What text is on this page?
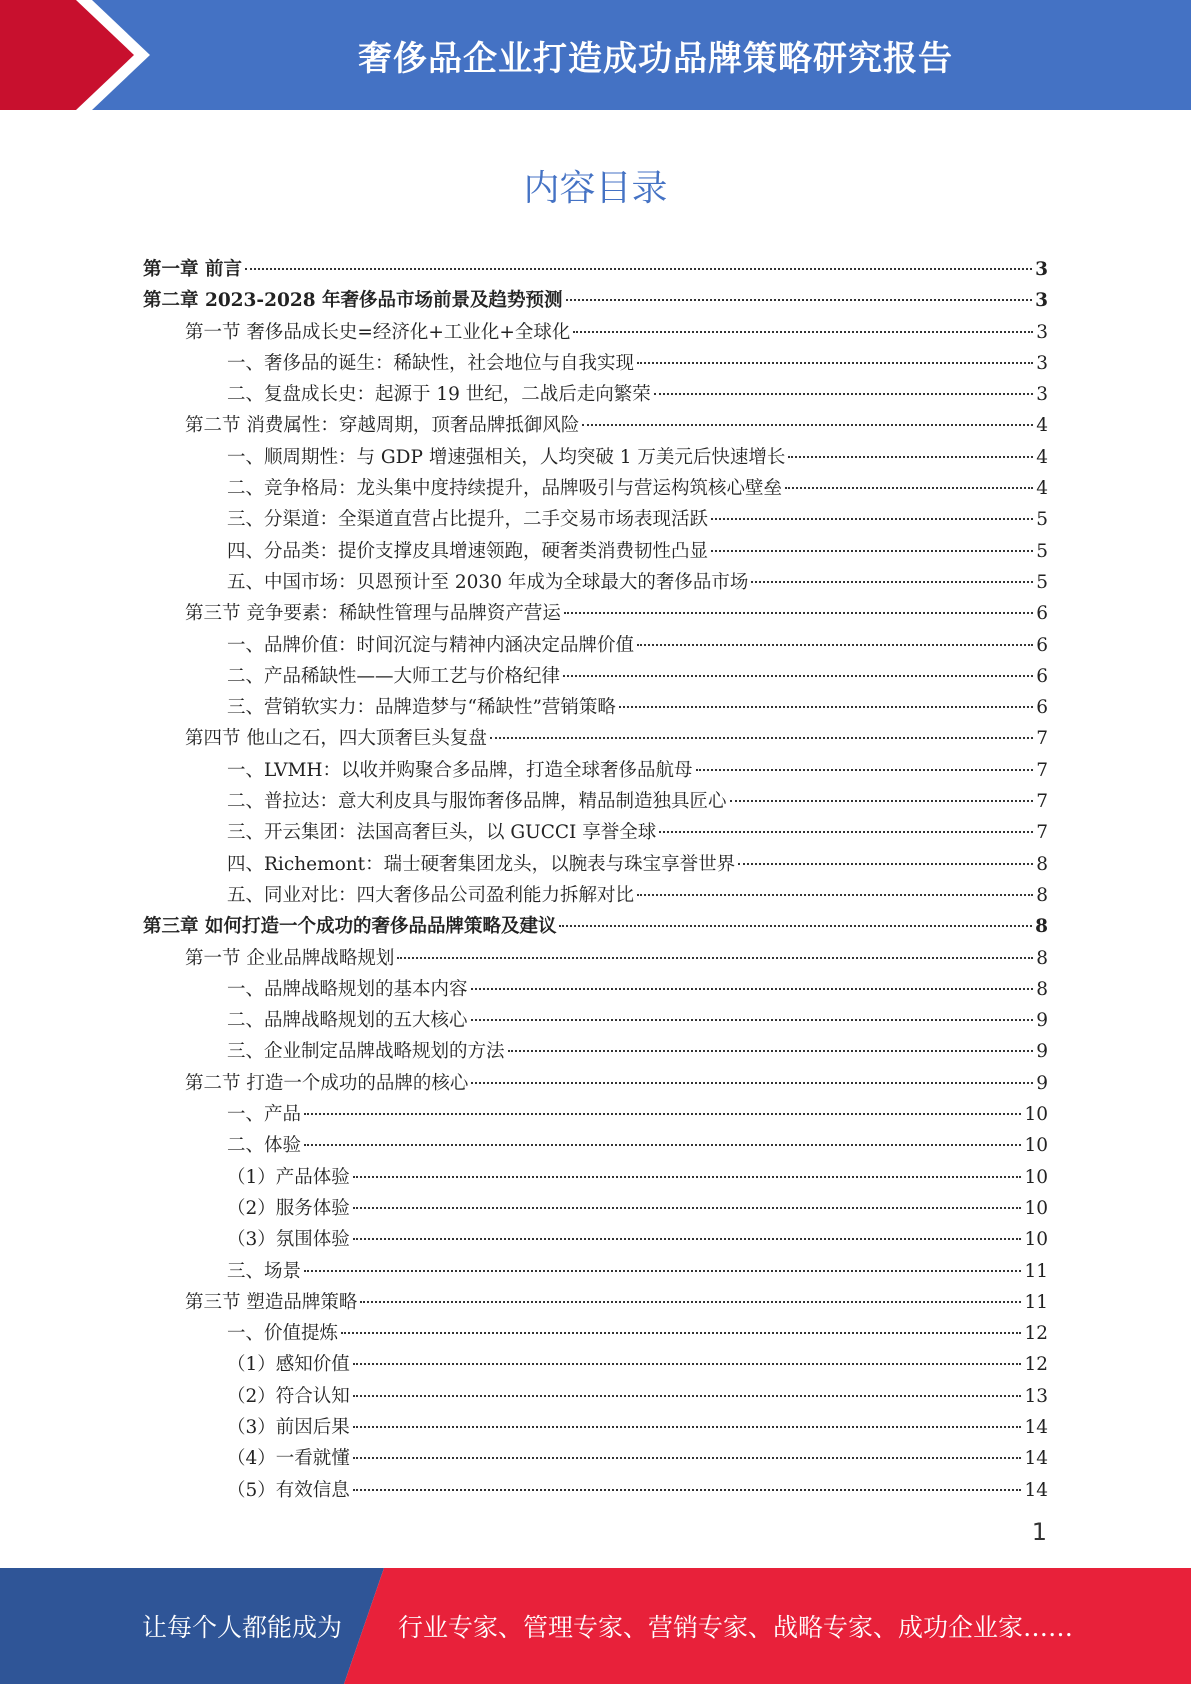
奢侈品企业打造成功品牌策略研究报告
内容目录
第一章 前言	3
第二章 2023-2028 年奢侈品市场前景及趋势预测	3
第一节 奢侈品成长史=经济化+工业化+全球化	3
一、奢侈品的诞生：稀缺性，社会地位与自我实现	3
二、复盘成长史：起源于 19 世纪，二战后走向繁荣	3
第二节 消费属性：穿越周期，顶奢品牌抵御风险	4
一、顺周期性：与 GDP 增速强相关，人均突破 1 万美元后快速增长	4
二、竞争格局：龙头集中度持续提升，品牌吸引与营运构筑核心壁垒	4
三、分渠道：全渠道直营占比提升，二手交易市场表现活跃	5
四、分品类：提价支撑皮具增速领跑，硬奢类消费韧性凸显	5
五、中国市场：贝恩预计至 2030 年成为全球最大的奢侈品市场	5
第三节 竞争要素：稀缺性管理与品牌资产营运	6
一、品牌价值：时间沉淀与精神内涵决定品牌价值	6
二、产品稀缺性——大师工艺与价格纪律	6
三、营销软实力：品牌造梦与“稀缺性”营销策略	6
第四节 他山之石，四大顶奢巨头复盘	7
一、LVMH：以收并购聚合多品牌，打造全球奢侈品航母	7
二、普拉达：意大利皮具与服饰奢侈品牌，精品制造独具匠心	7
三、开云集团：法国高奢巨头，以 GUCCI 享誉全球	7
四、Richemont：瑞士硬奢集团龙头，以腕表与珠宝享誉世界	8
五、同业对比：四大奢侈品公司盈利能力拆解对比	8
第三章 如何打造一个成功的奢侈品品牌策略及建议	8
第一节 企业品牌战略规划	8
一、品牌战略规划的基本内容	8
二、品牌战略规划的五大核心	9
三、企业制定品牌战略规划的方法	9
第二节 打造一个成功的品牌的核心	9
一、产品	10
二、体验	10
（1）产品体验	10
（2）服务体验	10
（3）氛围体验	10
三、场景	11
第三节 塑造品牌策略	11
一、价值提炼	12
（1）感知价值	12
（2）符合认知	13
（3）前因后果	14
（4）一看就懂	14
（5）有效信息	14
1
让每个人都能成为 行业专家、管理专家、营销专家、战略专家、成功企业家……
